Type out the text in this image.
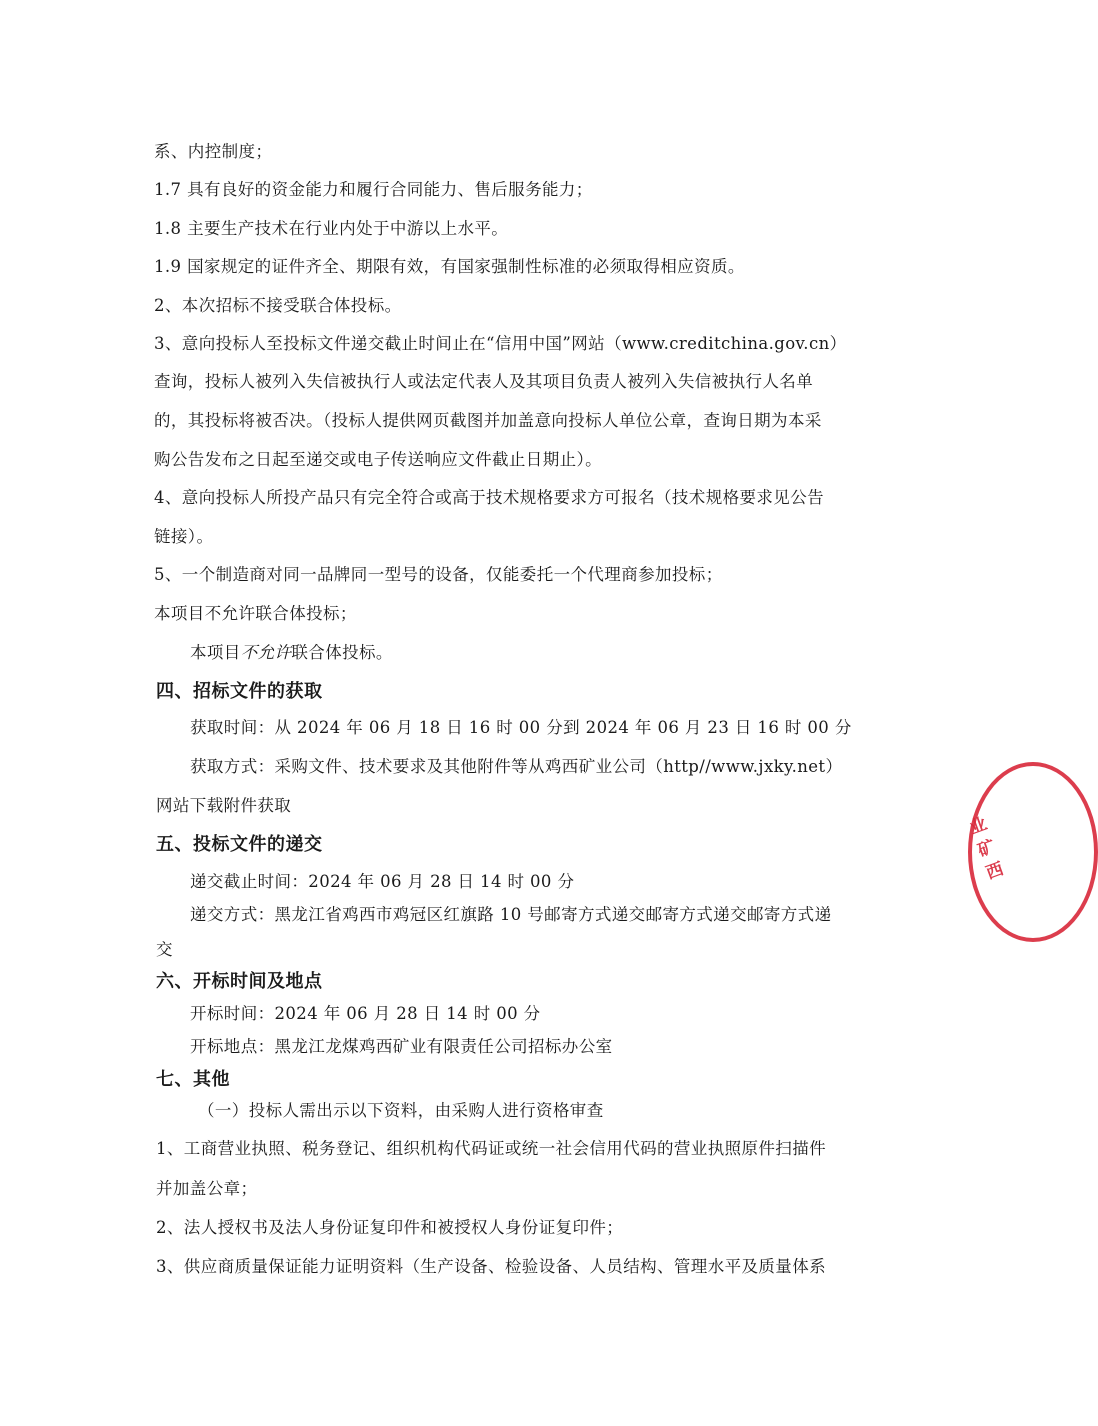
系、内控制度；
1.7 具有良好的资金能力和履行合同能力、售后服务能力；
1.8 主要生产技术在行业内处于中游以上水平。
1.9 国家规定的证件齐全、期限有效，有国家强制性标准的必须取得相应资质。
2、本次招标不接受联合体投标。
3、意向投标人至投标文件递交截止时间止在“信用中国”网站（www.creditchina.gov.cn）
查询，投标人被列入失信被执行人或法定代表人及其项目负责人被列入失信被执行人名单
的，其投标将被否决。（投标人提供网页截图并加盖意向投标人单位公章，查询日期为本采
购公告发布之日起至递交或电子传送响应文件截止日期止）。
4、意向投标人所投产品只有完全符合或高于技术规格要求方可报名（技术规格要求见公告
链接）。
5、一个制造商对同一品牌同一型号的设备，仅能委托一个代理商参加投标；
本项目不允许联合体投标；
本项目不允许联合体投标。
四、招标文件的获取
获取时间：从 2024 年 06 月 18 日 16 时 00 分到 2024 年 06 月 23 日 16 时 00 分
获取方式：采购文件、技术要求及其他附件等从鸡西矿业公司（http//www.jxky.net）
网站下载附件获取
五、投标文件的递交
递交截止时间：2024 年 06 月 28 日 14 时 00 分
递交方式：黑龙江省鸡西市鸡冠区红旗路 10 号邮寄方式递交邮寄方式递交邮寄方式递
交
六、开标时间及地点
开标时间：2024 年 06 月 28 日 14 时 00 分
开标地点：黑龙江龙煤鸡西矿业有限责任公司招标办公室
七、其他
（一）投标人需出示以下资料，由采购人进行资格审查
1、工商营业执照、税务登记、组织机构代码证或统一社会信用代码的营业执照原件扫描件
并加盖公章；
2、法人授权书及法人身份证复印件和被授权人身份证复印件；
3、供应商质量保证能力证明资料（生产设备、检验设备、人员结构、管理水平及质量体系
业矿西
